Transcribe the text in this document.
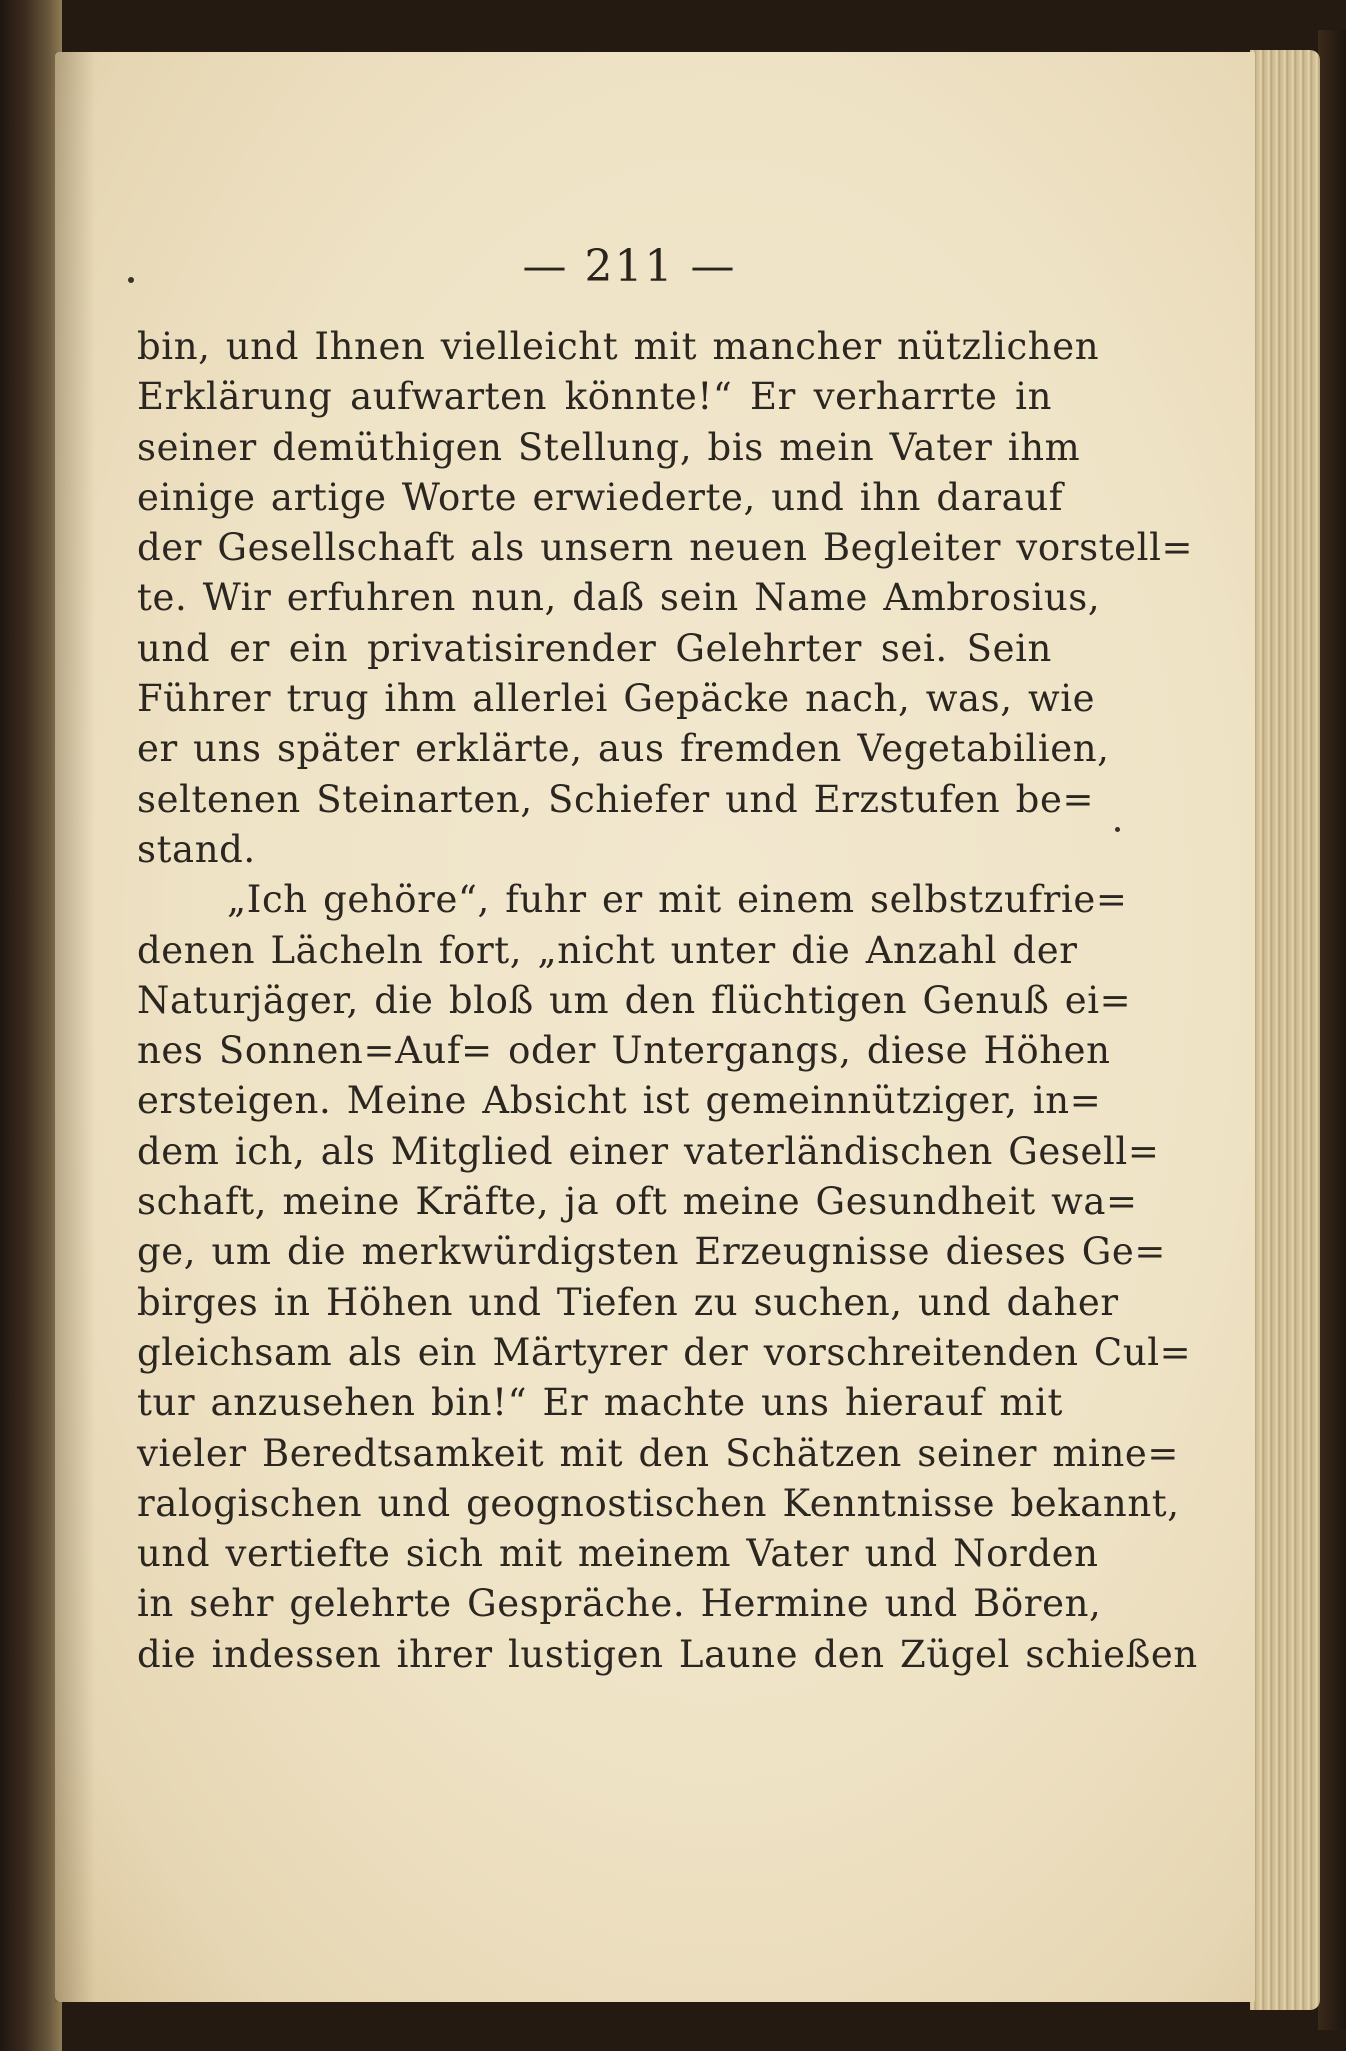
— 211 —
bin, und Ihnen vielleicht mit mancher nützlichen
Erklärung aufwarten könnte!“ Er verharrte in
seiner demüthigen Stellung, bis mein Vater ihm
einige artige Worte erwiederte, und ihn darauf
der Gesellschaft als unsern neuen Begleiter vorstell=
te. Wir erfuhren nun, daß sein Name Ambrosius,
und er ein privatisirender Gelehrter sei. Sein
Führer trug ihm allerlei Gepäcke nach, was, wie
er uns später erklärte, aus fremden Vegetabilien,
seltenen Steinarten, Schiefer und Erzstufen be=
stand.
„Ich gehöre“, fuhr er mit einem selbstzufrie=
denen Lächeln fort, „nicht unter die Anzahl der
Naturjäger, die bloß um den flüchtigen Genuß ei=
nes Sonnen=Auf= oder Untergangs, diese Höhen
ersteigen. Meine Absicht ist gemeinnütziger, in=
dem ich, als Mitglied einer vaterländischen Gesell=
schaft, meine Kräfte, ja oft meine Gesundheit wa=
ge, um die merkwürdigsten Erzeugnisse dieses Ge=
birges in Höhen und Tiefen zu suchen, und daher
gleichsam als ein Märtyrer der vorschreitenden Cul=
tur anzusehen bin!“ Er machte uns hierauf mit
vieler Beredtsamkeit mit den Schätzen seiner mine=
ralogischen und geognostischen Kenntnisse bekannt,
und vertiefte sich mit meinem Vater und Norden
in sehr gelehrte Gespräche. Hermine und Bören,
die indessen ihrer lustigen Laune den Zügel schießen
